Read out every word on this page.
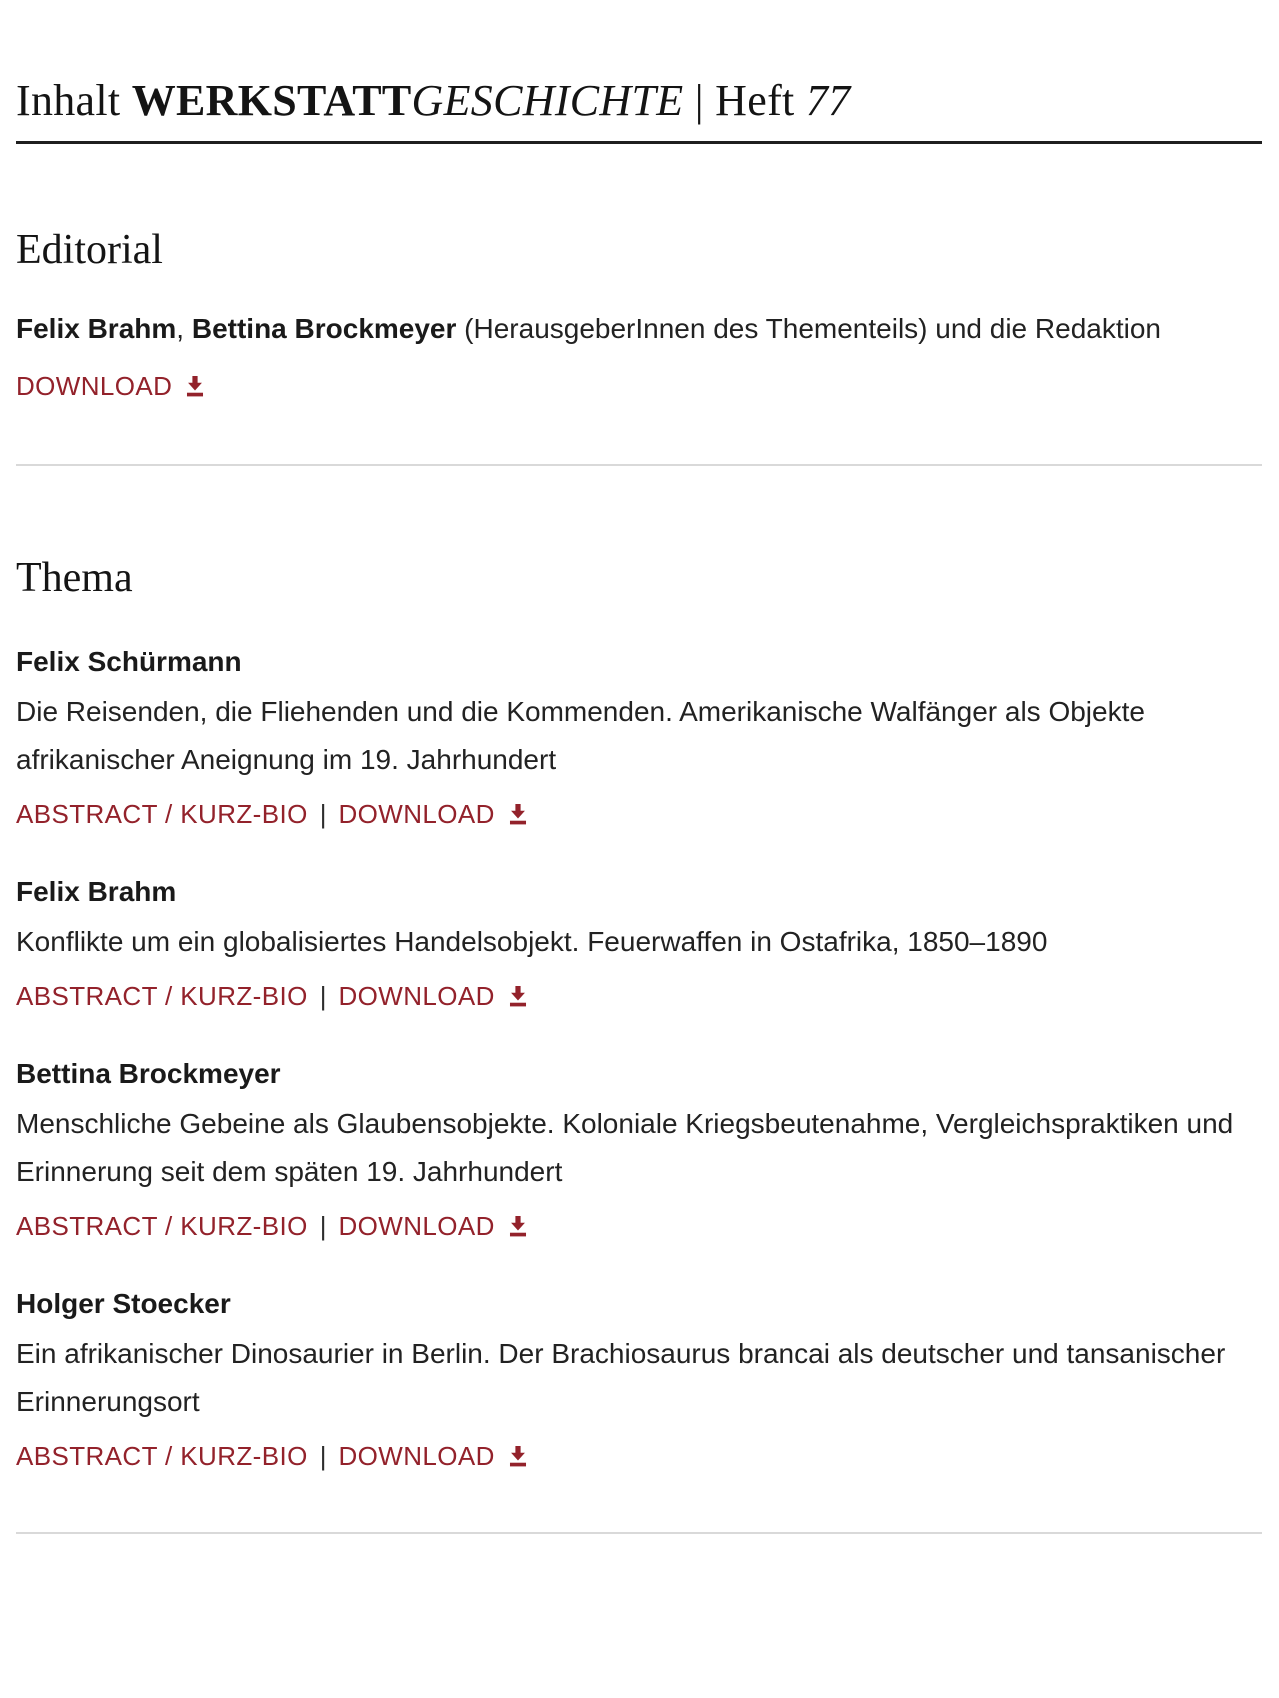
Inhalt WERKSTATTGESCHICHTE | Heft 77
Editorial

Felix Brahm, Bettina Brockmeyer (HerausgeberInnen des Thementeils) und die Redaktion

DOWNLOAD

Thema

Felix Schürmann

Die Reisenden, die Fliehenden und die Kommenden. Amerikanische Walfänger als Objekte afrikanischer Aneignung im 19. Jahrhundert

ABSTRACT / KURZ-BIO | DOWNLOAD

Felix Brahm

Konflikte um ein globalisiertes Handelsobjekt. Feuerwaffen in Ostafrika, 1850–1890

ABSTRACT / KURZ-BIO | DOWNLOAD

Bettina Brockmeyer

Menschliche Gebeine als Glaubensobjekte. Koloniale Kriegsbeutenahme, Vergleichspraktiken und Erinnerung seit dem späten 19. Jahrhundert

ABSTRACT / KURZ-BIO | DOWNLOAD

Holger Stoecker

Ein afrikanischer Dinosaurier in Berlin. Der Brachiosaurus brancai als deutscher und tansanischer Erinnerungsort

ABSTRACT / KURZ-BIO | DOWNLOAD
